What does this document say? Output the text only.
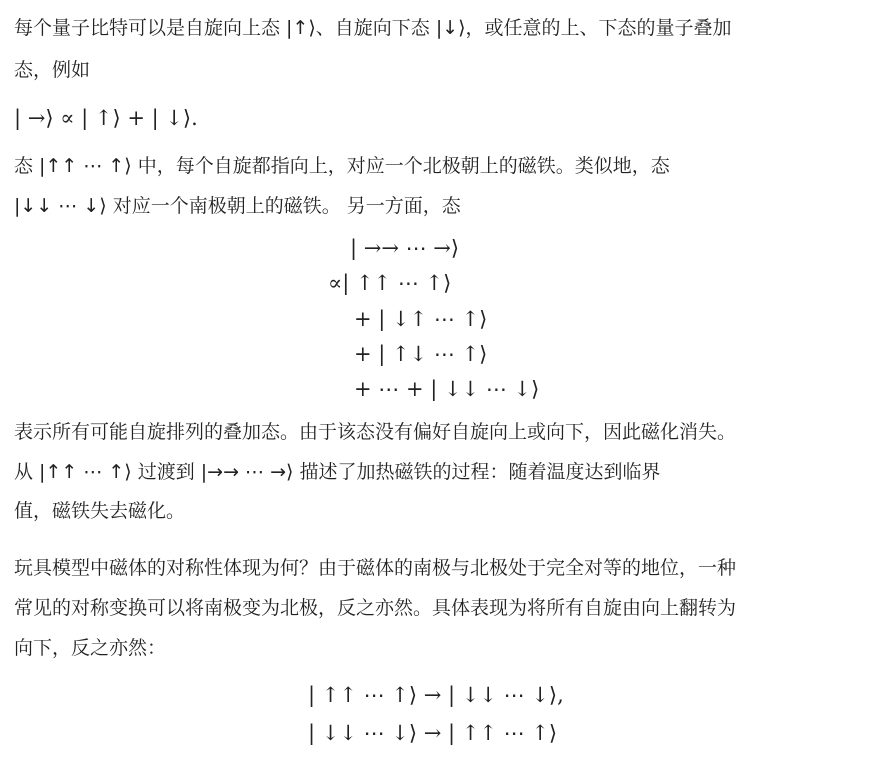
每个量子比特可以是自旋向上态 |↑⟩、自旋向下态 |↓⟩，或任意的上、下态的量子叠加
态，例如
| →⟩ ∝ | ↑⟩ + | ↓⟩.
态 |↑↑ ⋯ ↑⟩ 中，每个自旋都指向上，对应一个北极朝上的磁铁。类似地，态
|↓↓ ⋯ ↓⟩ 对应一个南极朝上的磁铁。 另一方面，态
| →→ ⋯ →⟩
∝| ↑↑ ⋯ ↑⟩
+ | ↓↑ ⋯ ↑⟩
+ | ↑↓ ⋯ ↑⟩
+ ⋯ + | ↓↓ ⋯ ↓⟩
表示所有可能自旋排列的叠加态。由于该态没有偏好自旋向上或向下，因此磁化消失。
从 |↑↑ ⋯ ↑⟩ 过渡到 |→→ ⋯ →⟩ 描述了加热磁铁的过程：随着温度达到临界
值，磁铁失去磁化。
玩具模型中磁体的对称性体现为何？由于磁体的南极与北极处于完全对等的地位，一种
常见的对称变换可以将南极变为北极，反之亦然。具体表现为将所有自旋由向上翻转为
向下，反之亦然：
| ↑↑ ⋯ ↑⟩ → | ↓↓ ⋯ ↓⟩,
| ↓↓ ⋯ ↓⟩ → | ↑↑ ⋯ ↑⟩
